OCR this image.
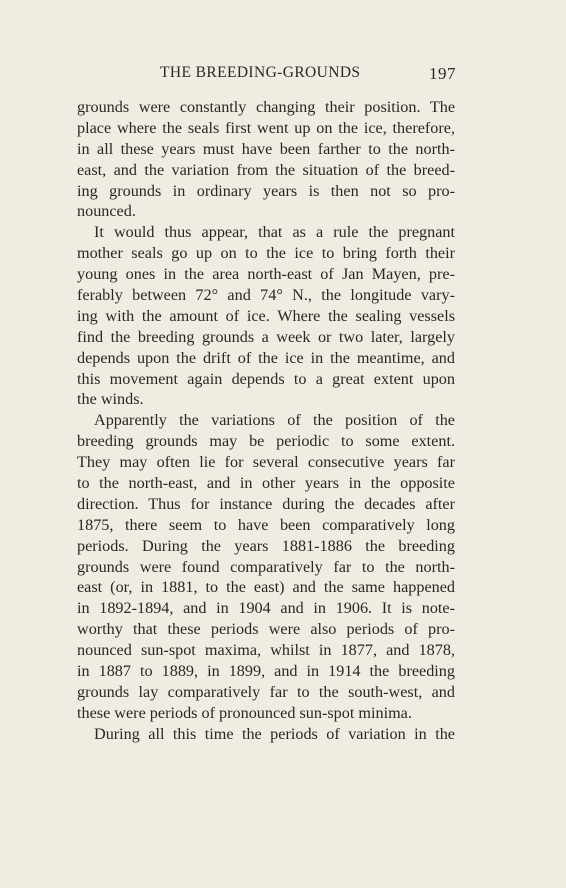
THE BREEDING-GROUNDS	197
grounds were constantly changing their position. The
place where the seals first went up on the ice, therefore,
in all these years must have been farther to the north-
east, and the variation from the situation of the breed-
ing grounds in ordinary years is then not so pro-
nounced.
It would thus appear, that as a rule the pregnant
mother seals go up on to the ice to bring forth their
young ones in the area north-east of Jan Mayen, pre-
ferably between 72° and 74° N., the longitude vary-
ing with the amount of ice. Where the sealing vessels
find the breeding grounds a week or two later, largely
depends upon the drift of the ice in the meantime, and
this movement again depends to a great extent upon
the winds.
Apparently the variations of the position of the
breeding grounds may be periodic to some extent.
They may often lie for several consecutive years far
to the north-east, and in other years in the opposite
direction. Thus for instance during the decades after
1875, there seem to have been comparatively long
periods. During the years 1881-1886 the breeding
grounds were found comparatively far to the north-
east (or, in 1881, to the east) and the same happened
in 1892-1894, and in 1904 and in 1906. It is note-
worthy that these periods were also periods of pro-
nounced sun-spot maxima, whilst in 1877, and 1878,
in 1887 to 1889, in 1899, and in 1914 the breeding
grounds lay comparatively far to the south-west, and
these were periods of pronounced sun-spot minima.
During all this time the periods of variation in the
